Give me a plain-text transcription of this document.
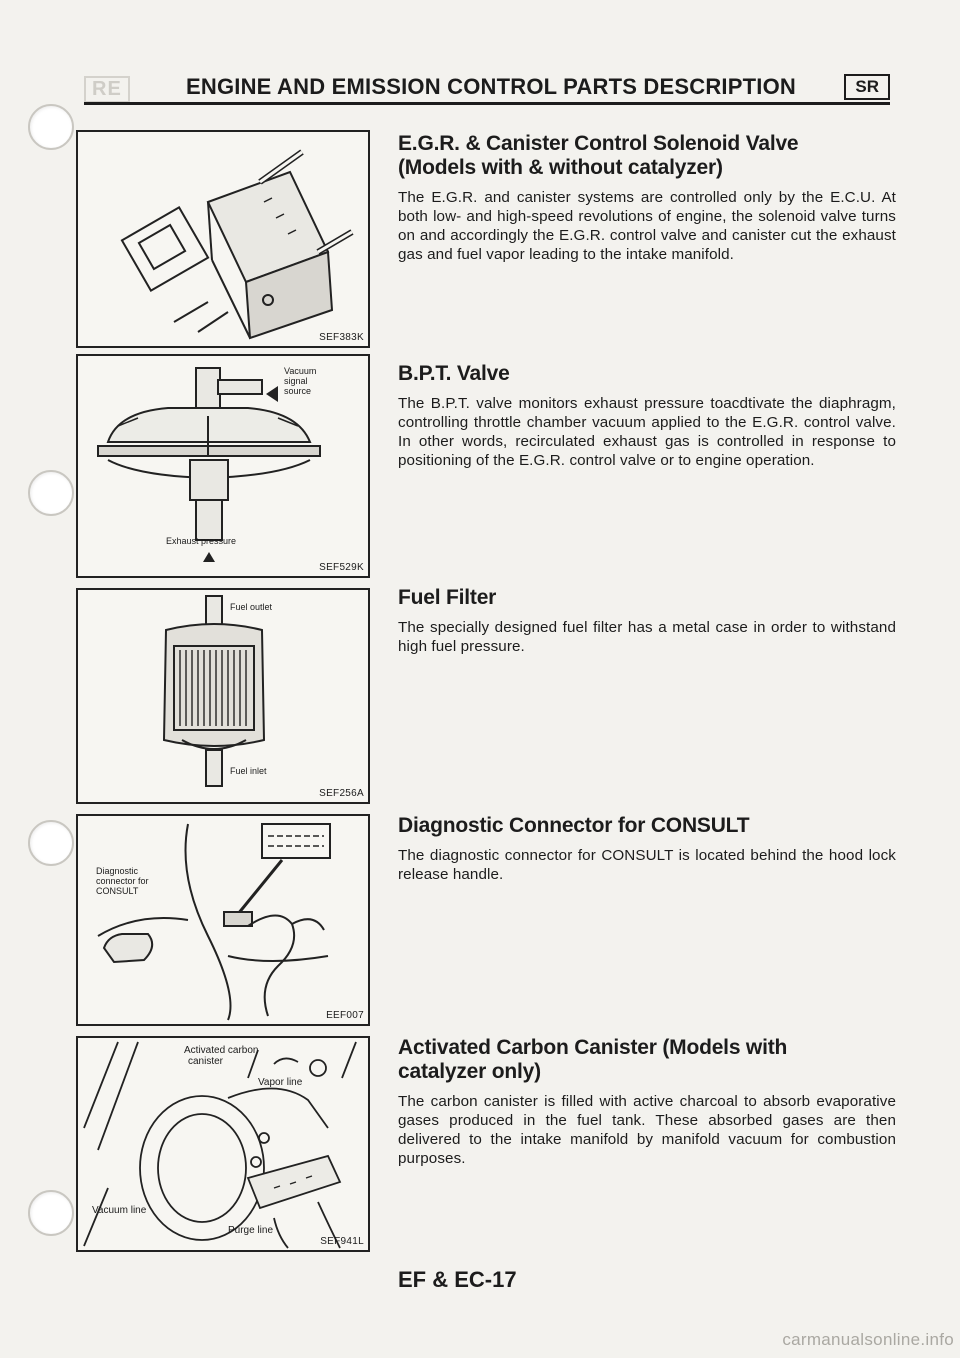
RE	ENGINE AND EMISSION CONTROL PARTS DESCRIPTION	SR
SEF383K
Vacuum
signal
source
Exhaust pressure
SEF529K
Fuel outlet
Fuel inlet
SEF256A
Diagnostic
connector for
CONSULT
EEF007
Activated carbon
canister
Vapor line
Vacuum line
Purge line
SEF941L
E.G.R. & Canister Control Solenoid Valve
(Models with & without catalyzer)

The E.G.R. and canister systems are controlled only by the E.C.U. At both low- and high-speed revolutions of engine, the solenoid valve turns on and accordingly the E.G.R. control valve and canister cut the exhaust gas and fuel vapor leading to the intake manifold.

B.P.T. Valve

The B.P.T. valve monitors exhaust pressure toacdtivate the diaphragm, controlling throttle chamber vacuum applied to the E.G.R. control valve. In other words, recirculated exhaust gas is controlled in response to positioning of the E.G.R. control valve or to engine operation.

Fuel Filter

The specially designed fuel filter has a metal case in order to withstand high fuel pressure.

Diagnostic Connector for CONSULT

The diagnostic connector for CONSULT is located behind the hood lock release handle.

Activated Carbon Canister (Models with
catalyzer only)

The carbon canister is filled with active charcoal to absorb evaporative gases produced in the fuel tank. These absorbed gases are then delivered to the intake manifold by manifold vacuum for combustion purposes.

EF & EC-17
carmanualsonline.info
